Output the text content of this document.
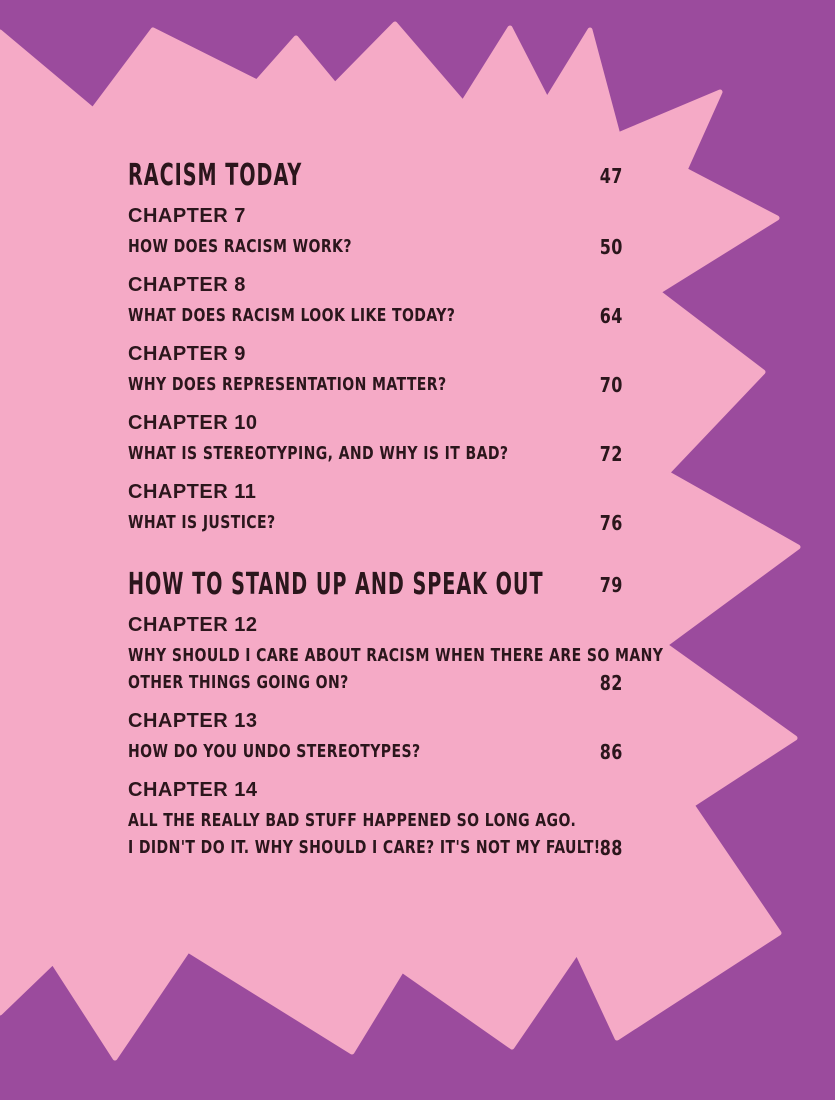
RACISM TODAY	47
CHAPTER 7
HOW DOES RACISM WORK?	50
CHAPTER 8
WHAT DOES RACISM LOOK LIKE TODAY?	64
CHAPTER 9
WHY DOES REPRESENTATION MATTER?	70
CHAPTER 10
WHAT IS STEREOTYPING, AND WHY IS IT BAD?	72
CHAPTER 11
WHAT IS JUSTICE?	76
HOW TO STAND UP AND SPEAK OUT	79
CHAPTER 12
WHY SHOULD I CARE ABOUT RACISM WHEN THERE ARE SO MANY
OTHER THINGS GOING ON?	82
CHAPTER 13
HOW DO YOU UNDO STEREOTYPES?	86
CHAPTER 14
ALL THE REALLY BAD STUFF HAPPENED SO LONG AGO.
I DIDN'T DO IT. WHY SHOULD I CARE? IT'S NOT MY FAULT! 88
